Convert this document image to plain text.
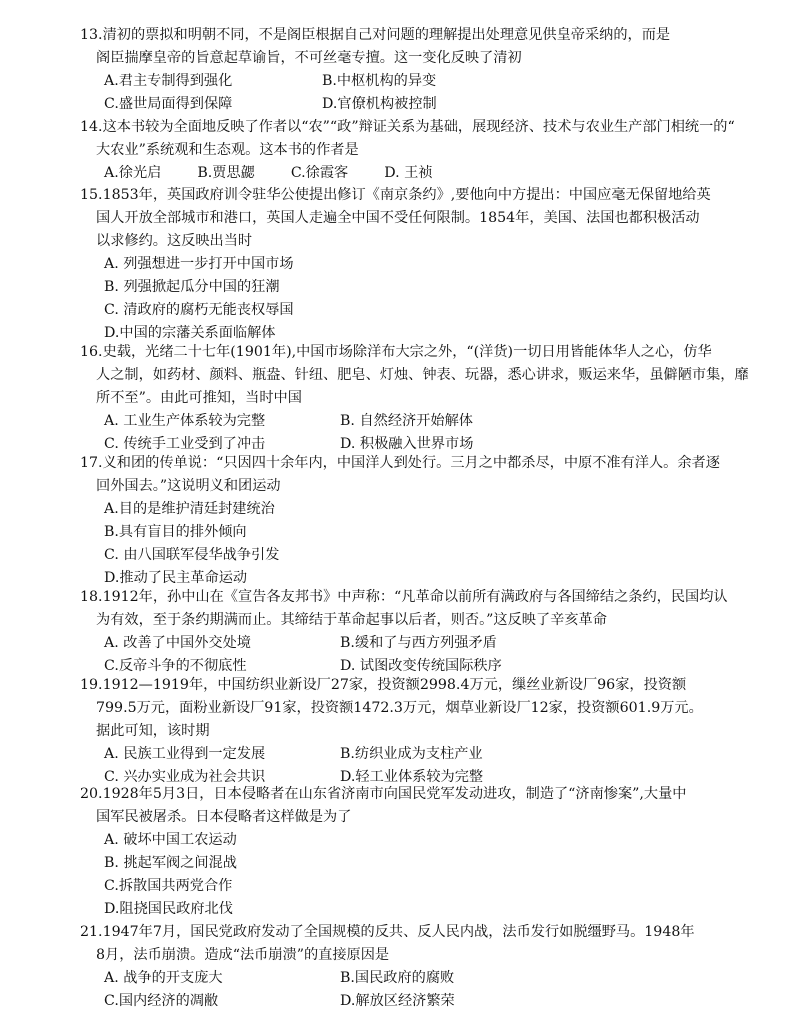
13.清初的票拟和明朝不同，不是阁臣根据自己对问题的理解提出处理意见供皇帝采纳的，而是
阁臣揣摩皇帝的旨意起草谕旨，不可丝毫专擅。这一变化反映了清初
A.君主专制得到强化	B.中枢机构的异变
C.盛世局面得到保障	D.官僚机构被控制
14.这本书较为全面地反映了作者以“农”“政”辩证关系为基础，展现经济、技术与农业生产部门相统一的“
大农业”系统观和生态观。这本书的作者是
A.徐光启	B.贾思勰	C.徐霞客	D. 王祯
15.1853年，英国政府训令驻华公使提出修订《南京条约》,要他向中方提出：中国应毫无保留地给英
国人开放全部城市和港口，英国人走遍全中国不受任何限制。1854年，美国、法国也都积极活动
以求修约。这反映出当时
A. 列强想进一步打开中国市场
B. 列强掀起瓜分中国的狂潮
C. 清政府的腐朽无能丧权辱国
D.中国的宗藩关系面临解体
16.史载，光绪二十七年(1901年),中国市场除洋布大宗之外，“(洋货)一切日用皆能体华人之心，仿华
人之制，如药材、颜料、瓶盎、针纽、肥皂、灯烛、钟表、玩器，悉心讲求，贩运来华，虽僻陋市集，靡
所不至”。由此可推知，当时中国
A. 工业生产体系较为完整	B. 自然经济开始解体
C. 传统手工业受到了冲击	D. 积极融入世界市场
17.义和团的传单说：“只因四十余年内，中国洋人到处行。三月之中都杀尽，中原不准有洋人。余者逐
回外国去。”这说明义和团运动
A.目的是维护清廷封建统治
B.具有盲目的排外倾向
C. 由八国联军侵华战争引发
D.推动了民主革命运动
18.1912年，孙中山在《宣告各友邦书》中声称：“凡革命以前所有满政府与各国缔结之条约，民国均认
为有效，至于条约期满而止。其缔结于革命起事以后者，则否。”这反映了辛亥革命
A. 改善了中国外交处境	B.缓和了与西方列强矛盾
C.反帝斗争的不彻底性	D. 试图改变传统国际秩序
19.1912—1919年，中国纺织业新设厂27家，投资额2998.4万元，缫丝业新设厂96家，投资额
799.5万元，面粉业新设厂91家，投资额1472.3万元，烟草业新设厂12家，投资额601.9万元。
据此可知，该时期
A. 民族工业得到一定发展	B.纺织业成为支柱产业
C. 兴办实业成为社会共识	D.轻工业体系较为完整
20.1928年5月3日，日本侵略者在山东省济南市向国民党军发动进攻，制造了“济南惨案”,大量中
国军民被屠杀。日本侵略者这样做是为了
A. 破坏中国工农运动
B. 挑起军阀之间混战
C.拆散国共两党合作
D.阻挠国民政府北伐
21.1947年7月，国民党政府发动了全国规模的反共、反人民内战，法币发行如脱缰野马。1948年
8月，法币崩溃。造成“法币崩溃”的直接原因是
A. 战争的开支庞大	B.国民政府的腐败
C.国内经济的凋敝	D.解放区经济繁荣
